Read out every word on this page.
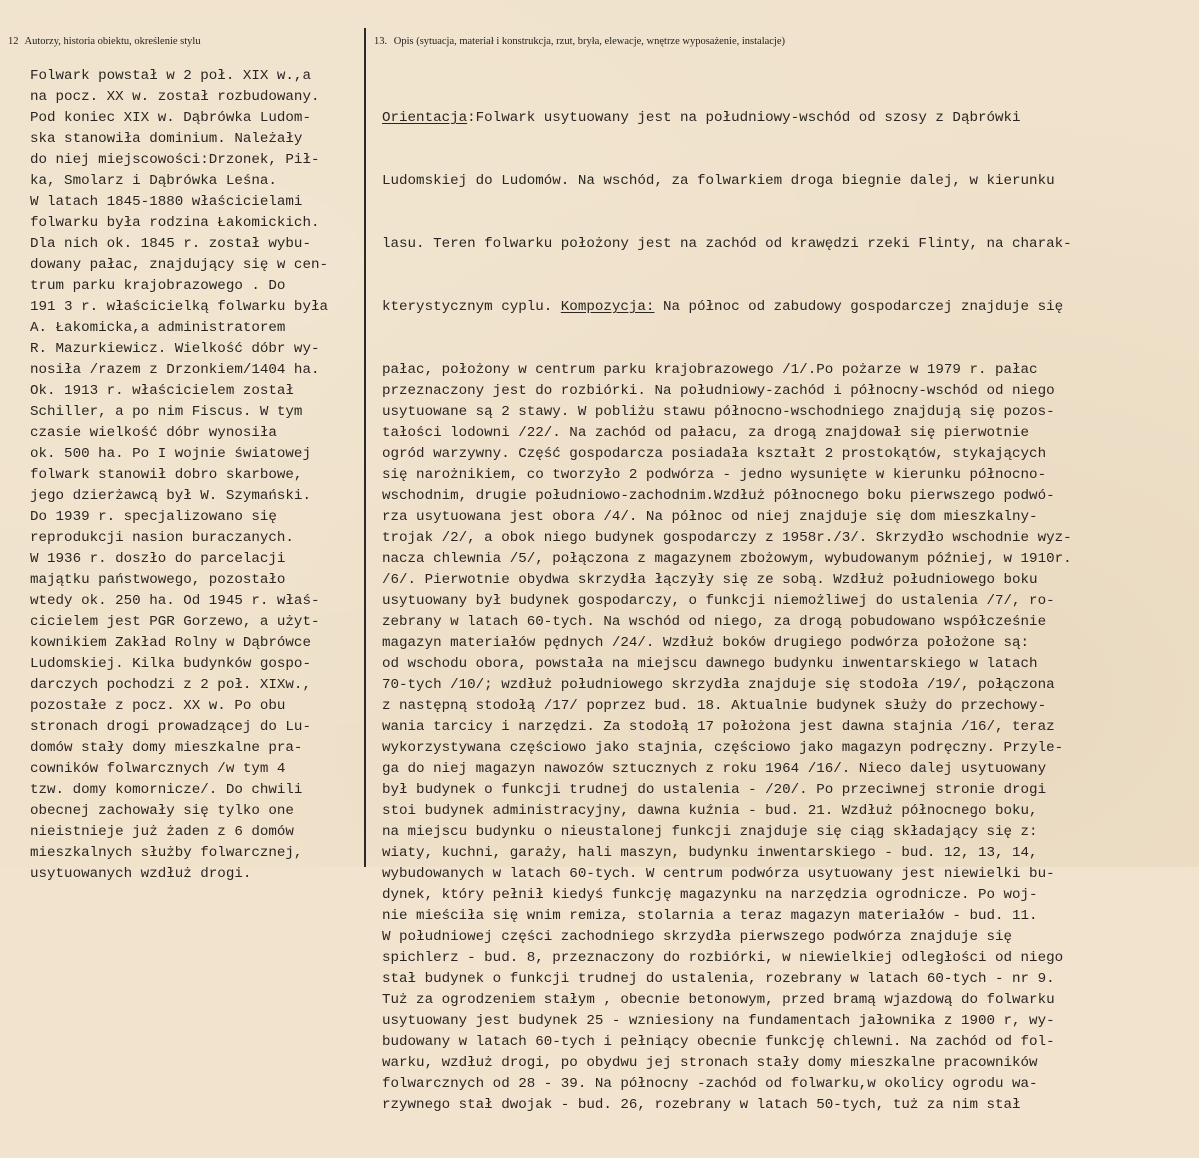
12 Autorzy, historia obiektu, określenie stylu	13. Opis (sytuacja, materiał i konstrukcja, rzut, bryła, elewacje, wnętrze wyposażenie, instalacje)
Folwark powstał w 2 poł. XIX w.,a
na pocz. XX w. został rozbudowany.
Pod koniec XIX w. Dąbrówka Ludom-
ska stanowiła dominium. Należały
do niej miejscowości:Drzonek, Pił-
ka, Smolarz i Dąbrówka Leśna.
W latach 1845-1880 właścicielami
folwarku była rodzina Łakomickich.
Dla nich ok. 1845 r. został wybu-
dowany pałac, znajdujący się w cen-
trum parku krajobrazowego . Do
191 3 r. właścicielką folwarku była
A. Łakomicka,a administratorem
R. Mazurkiewicz. Wielkość dóbr wy-
nosiła /razem z Drzonkiem/1404 ha.
Ok. 1913 r. właścicielem został
Schiller, a po nim Fiscus. W tym
czasie wielkość dóbr wynosiła
ok. 500 ha. Po I wojnie światowej
folwark stanowił dobro skarbowe,
jego dzierżawcą był W. Szymański.
Do 1939 r. specjalizowano się
reprodukcji nasion buraczanych.
W 1936 r. doszło do parcelacji
majątku państwowego, pozostało
wtedy ok. 250 ha. Od 1945 r. właś-
cicielem jest PGR Gorzewo, a użyt-
kownikiem Zakład Rolny w Dąbrówce
Ludomskiej. Kilka budynków gospo-
darczych pochodzi z 2 poł. XIXw.,
pozostałe z pocz. XX w. Po obu
stronach drogi prowadzącej do Lu-
domów stały domy mieszkalne pra-
cowników folwarcznych /w tym 4
tzw. domy komornicze/. Do chwili
obecnej zachowały się tylko one
nieistnieje już żaden z 6 domów
mieszkalnych służby folwarcznej,
usytuowanych wzdłuż drogi.

Orientacja:Folwark usytuowany jest na południowy-wschód od szosy z Dąbrówki

Ludomskiej do Ludomów. Na wschód, za folwarkiem droga biegnie dalej, w kierunku

lasu. Teren folwarku położony jest na zachód od krawędzi rzeki Flinty, na charak-

kterystycznym cyplu. Kompozycja: Na północ od zabudowy gospodarczej znajduje się

pałac, położony w centrum parku krajobrazowego /1/.Po pożarze w 1979 r. pałac
przeznaczony jest do rozbiórki. Na południowy-zachód i północny-wschód od niego
usytuowane są 2 stawy. W pobliżu stawu północno-wschodniego znajdują się pozos-
tałości lodowni /22/. Na zachód od pałacu, za drogą znajdował się pierwotnie
ogród warzywny. Część gospodarcza posiadała kształt 2 prostokątów, stykających
się narożnikiem, co tworzyło 2 podwórza - jedno wysunięte w kierunku północno-
wschodnim, drugie południowo-zachodnim.Wzdłuż północnego boku pierwszego podwó-
rza usytuowana jest obora /4/. Na północ od niej znajduje się dom mieszkalny-
trojak /2/, a obok niego budynek gospodarczy z 1958r./3/. Skrzydło wschodnie wyz-
nacza chlewnia /5/, połączona z magazynem zbożowym, wybudowanym później, w 1910r.
/6/. Pierwotnie obydwa skrzydła łączyły się ze sobą. Wzdłuż południowego boku
usytuowany był budynek gospodarczy, o funkcji niemożliwej do ustalenia /7/, ro-
zebrany w latach 60-tych. Na wschód od niego, za drogą pobudowano współcześnie
magazyn materiałów pędnych /24/. Wzdłuż boków drugiego podwórza położone są:
od wschodu obora, powstała na miejscu dawnego budynku inwentarskiego w latach
70-tych /10/; wzdłuż południowego skrzydła znajduje się stodoła /19/, połączona
z następną stodołą /17/ poprzez bud. 18. Aktualnie budynek służy do przechowy-
wania tarcicy i narzędzi. Za stodołą 17 położona jest dawna stajnia /16/, teraz
wykorzystywana częściowo jako stajnia, częściowo jako magazyn podręczny. Przyle-
ga do niej magazyn nawozów sztucznych z roku 1964 /16/. Nieco dalej usytuowany
był budynek o funkcji trudnej do ustalenia - /20/. Po przeciwnej stronie drogi
stoi budynek administracyjny, dawna kuźnia - bud. 21. Wzdłuż północnego boku,
na miejscu budynku o nieustalonej funkcji znajduje się ciąg składający się z:
wiaty, kuchni, garaży, hali maszyn, budynku inwentarskiego - bud. 12, 13, 14,
wybudowanych w latach 60-tych. W centrum podwórza usytuowany jest niewielki bu-
dynek, który pełnił kiedyś funkcję magazynku na narzędzia ogrodnicze. Po woj-
nie mieściła się wnim remiza, stolarnia a teraz magazyn materiałów - bud. 11.
W południowej części zachodniego skrzydła pierwszego podwórza znajduje się
spichlerz - bud. 8, przeznaczony do rozbiórki, w niewielkiej odległości od niego
stał budynek o funkcji trudnej do ustalenia, rozebrany w latach 60-tych - nr 9.
Tuż za ogrodzeniem stałym , obecnie betonowym, przed bramą wjazdową do folwarku
usytuowany jest budynek 25 - wzniesiony na fundamentach jałownika z 1900 r, wy-
budowany w latach 60-tych i pełniący obecnie funkcję chlewni. Na zachód od fol-
warku, wzdłuż drogi, po obydwu jej stronach stały domy mieszkalne pracowników
folwarcznych od 28 - 39. Na północny -zachód od folwarku,w okolicy ogrodu wa-
rzywnego stał dwojak - bud. 26, rozebrany w latach 50-tych, tuż za nim stał
